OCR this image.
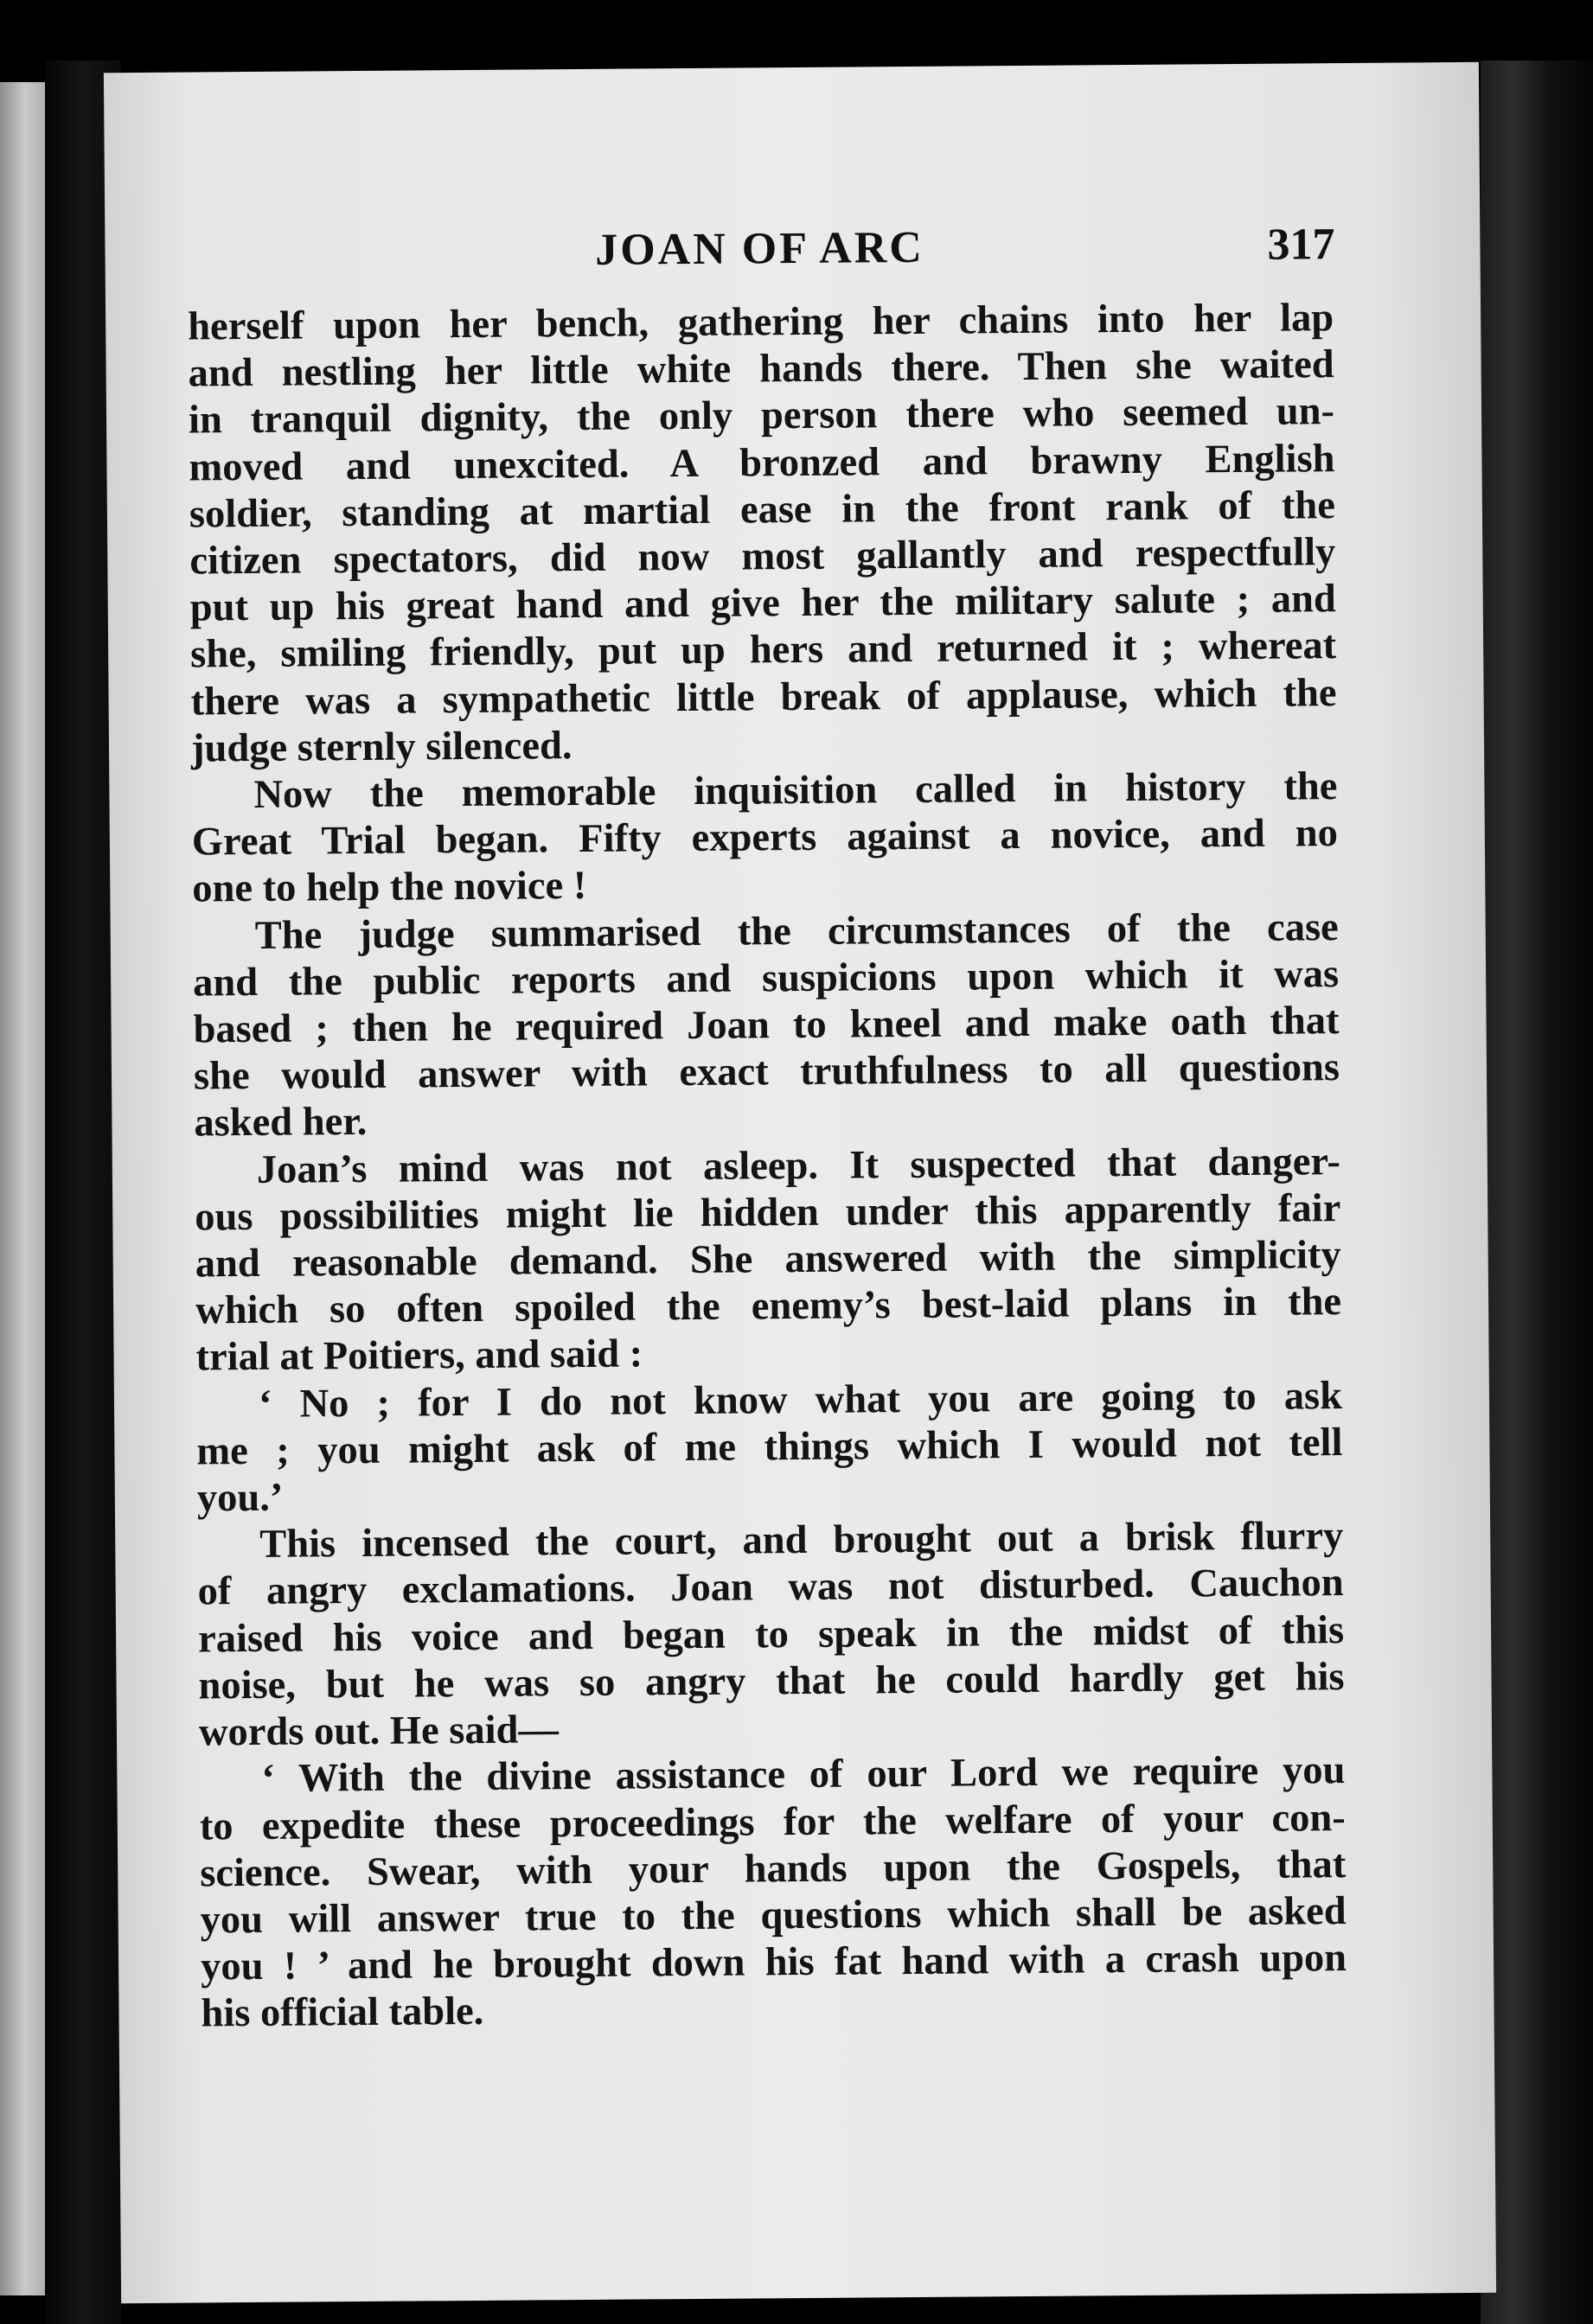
JOAN OF ARC	317
herself upon her bench, gathering her chains into her lap
and nestling her little white hands there. Then she waited
in tranquil dignity, the only person there who seemed un-
moved and unexcited. A bronzed and brawny English
soldier, standing at martial ease in the front rank of the
citizen spectators, did now most gallantly and respectfully
put up his great hand and give her the military salute ; and
she, smiling friendly, put up hers and returned it ; whereat
there was a sympathetic little break of applause, which the
judge sternly silenced.
Now the memorable inquisition called in history the
Great Trial began. Fifty experts against a novice, and no
one to help the novice !
The judge summarised the circumstances of the case
and the public reports and suspicions upon which it was
based ; then he required Joan to kneel and make oath that
she would answer with exact truthfulness to all questions
asked her.
Joan’s mind was not asleep. It suspected that danger-
ous possibilities might lie hidden under this apparently fair
and reasonable demand. She answered with the simplicity
which so often spoiled the enemy’s best-laid plans in the
trial at Poitiers, and said :
‘ No ; for I do not know what you are going to ask
me ; you might ask of me things which I would not tell
you.’
This incensed the court, and brought out a brisk flurry
of angry exclamations. Joan was not disturbed. Cauchon
raised his voice and began to speak in the midst of this
noise, but he was so angry that he could hardly get his
words out. He said—
‘ With the divine assistance of our Lord we require you
to expedite these proceedings for the welfare of your con-
science. Swear, with your hands upon the Gospels, that
you will answer true to the questions which shall be asked
you ! ’ and he brought down his fat hand with a crash upon
his official table.
